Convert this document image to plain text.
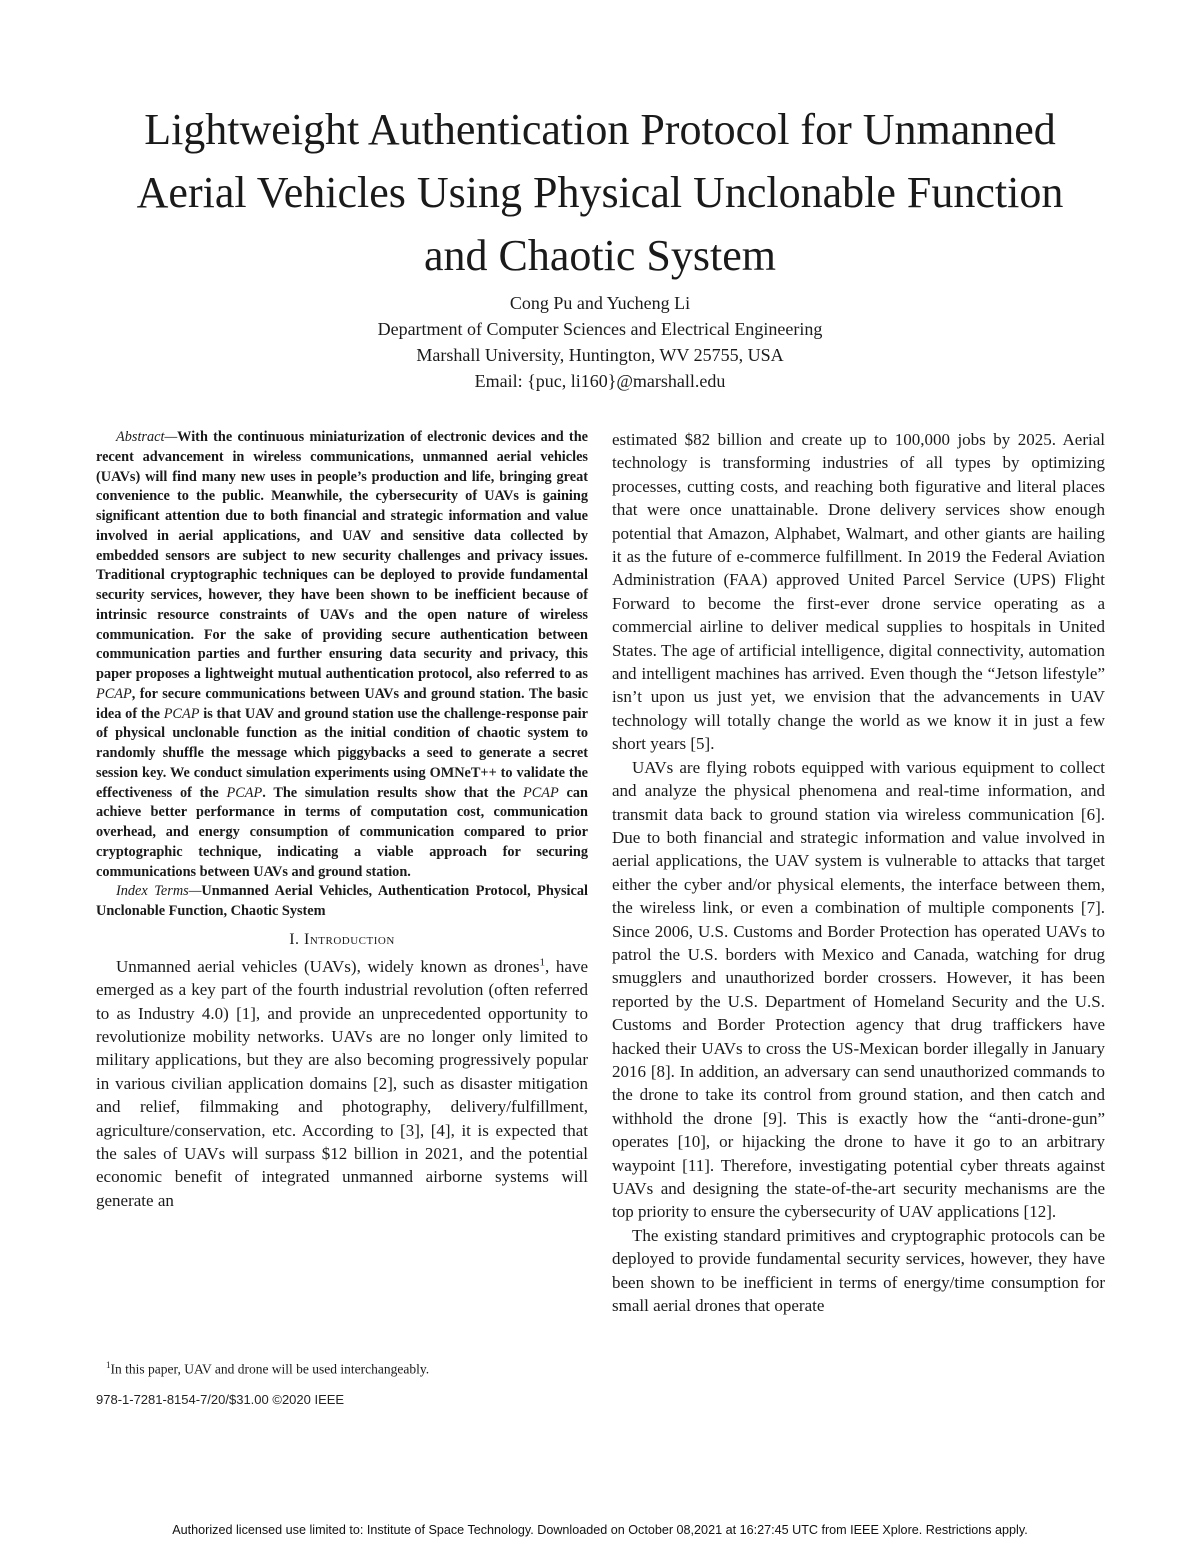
Lightweight Authentication Protocol for Unmanned
Aerial Vehicles Using Physical Unclonable Function
and Chaotic System
Cong Pu and Yucheng Li
Department of Computer Sciences and Electrical Engineering
Marshall University, Huntington, WV 25755, USA
Email: {puc, li160}@marshall.edu

Abstract—With the continuous miniaturization of electronic devices and the recent advancement in wireless communications, unmanned aerial vehicles (UAVs) will find many new uses in people’s production and life, bringing great convenience to the public. Meanwhile, the cybersecurity of UAVs is gaining significant attention due to both financial and strategic information and value involved in aerial applications, and UAV and sensitive data collected by embedded sensors are subject to new security challenges and privacy issues. Traditional cryptographic techniques can be deployed to provide fundamental security services, however, they have been shown to be inefficient because of intrinsic resource constraints of UAVs and the open nature of wireless communication. For the sake of providing secure authentication between communication parties and further ensuring data security and privacy, this paper proposes a lightweight mutual authentication protocol, also referred to as PCAP, for secure communications between UAVs and ground station. The basic idea of the PCAP is that UAV and ground station use the challenge-response pair of physical unclonable function as the initial condition of chaotic system to randomly shuffle the message which piggybacks a seed to generate a secret session key. We conduct simulation experiments using OMNeT++ to validate the effectiveness of the PCAP. The simulation results show that the PCAP can achieve better performance in terms of computation cost, communication overhead, and energy consumption of communication compared to prior cryptographic technique, indicating a viable approach for securing communications between UAVs and ground station.

Index Terms—Unmanned Aerial Vehicles, Authentication Protocol, Physical Unclonable Function, Chaotic System

I. Introduction

Unmanned aerial vehicles (UAVs), widely known as drones$^1$, have emerged as a key part of the fourth industrial revolution (often referred to as Industry 4.0) [1], and provide an unprecedented opportunity to revolutionize mobility networks. UAVs are no longer only limited to military applications, but they are also becoming progressively popular in various civilian application domains [2], such as disaster mitigation and relief, filmmaking and photography, delivery/fulfillment, agriculture/conservation, etc. According to [3], [4], it is expected that the sales of UAVs will surpass $12 billion in 2021, and the potential economic benefit of integrated unmanned airborne systems will generate an

estimated $82 billion and create up to 100,000 jobs by 2025. Aerial technology is transforming industries of all types by optimizing processes, cutting costs, and reaching both figurative and literal places that were once unattainable. Drone delivery services show enough potential that Amazon, Alphabet, Walmart, and other giants are hailing it as the future of e-commerce fulfillment. In 2019 the Federal Aviation Administration (FAA) approved United Parcel Service (UPS) Flight Forward to become the first-ever drone service operating as a commercial airline to deliver medical supplies to hospitals in United States. The age of artificial intelligence, digital connectivity, automation and intelligent machines has arrived. Even though the “Jetson lifestyle” isn’t upon us just yet, we envision that the advancements in UAV technology will totally change the world as we know it in just a few short years [5].

UAVs are flying robots equipped with various equipment to collect and analyze the physical phenomena and real-time information, and transmit data back to ground station via wireless communication [6]. Due to both financial and strategic information and value involved in aerial applications, the UAV system is vulnerable to attacks that target either the cyber and/or physical elements, the interface between them, the wireless link, or even a combination of multiple components [7]. Since 2006, U.S. Customs and Border Protection has operated UAVs to patrol the U.S. borders with Mexico and Canada, watching for drug smugglers and unauthorized border crossers. However, it has been reported by the U.S. Department of Homeland Security and the U.S. Customs and Border Protection agency that drug traffickers have hacked their UAVs to cross the US-Mexican border illegally in January 2016 [8]. In addition, an adversary can send unauthorized commands to the drone to take its control from ground station, and then catch and withhold the drone [9]. This is exactly how the “anti-drone-gun” operates [10], or hijacking the drone to have it go to an arbitrary waypoint [11]. Therefore, investigating potential cyber threats against UAVs and designing the state-of-the-art security mechanisms are the top priority to ensure the cybersecurity of UAV applications [12].

The existing standard primitives and cryptographic protocols can be deployed to provide fundamental security services, however, they have been shown to be inefficient in terms of energy/time consumption for small aerial drones that operate

$^1$In this paper, UAV and drone will be used interchangeably.
978-1-7281-8154-7/20/$31.00 ©2020 IEEE
Authorized licensed use limited to: Institute of Space Technology. Downloaded on October 08,2021 at 16:27:45 UTC from IEEE Xplore. Restrictions apply.
